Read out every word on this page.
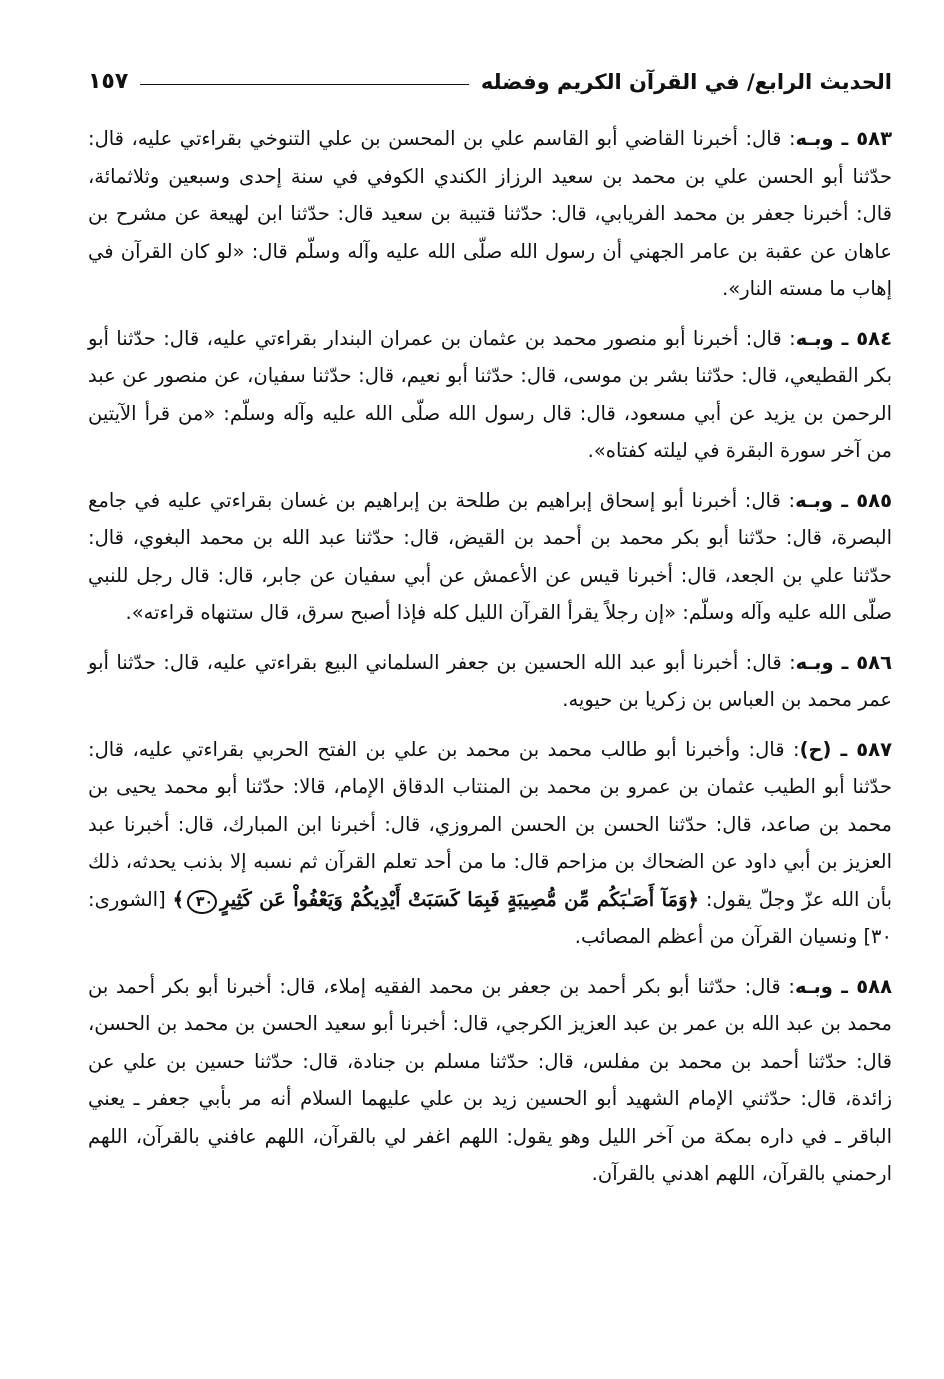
الحديث الرابع/ في القرآن الكريم وفضله
١٥٧
٥٨٣ ـ وبـه: قال: أخبرنا القاضي أبو القاسم علي بن المحسن بن علي التنوخي بقراءتي عليه، قال: حدّثنا أبو الحسن علي بن محمد بن سعيد الرزاز الكندي الكوفي في سنة إحدى وسبعين وثلاثمائة، قال: أخبرنا جعفر بن محمد الفريابي، قال: حدّثنا قتيبة بن سعيد قال: حدّثنا ابن لهيعة عن مشرح بن عاهان عن عقبة بن عامر الجهني أن رسول الله صلّى الله عليه وآله وسلّم قال: «لو كان القرآن في إهاب ما مسته النار».
٥٨٤ ـ وبـه: قال: أخبرنا أبو منصور محمد بن عثمان بن عمران البندار بقراءتي عليه، قال: حدّثنا أبو بكر القطيعي، قال: حدّثنا بشر بن موسى، قال: حدّثنا أبو نعيم، قال: حدّثنا سفيان، عن منصور عن عبد الرحمن بن يزيد عن أبي مسعود، قال: قال رسول الله صلّى الله عليه وآله وسلّم: «من قرأ الآيتين من آخر سورة البقرة في ليلته كفتاه».
٥٨٥ ـ وبـه: قال: أخبرنا أبو إسحاق إبراهيم بن طلحة بن إبراهيم بن غسان بقراءتي عليه في جامع البصرة، قال: حدّثنا أبو بكر محمد بن أحمد بن القيض، قال: حدّثنا عبد الله بن محمد البغوي، قال: حدّثنا علي بن الجعد، قال: أخبرنا قيس عن الأعمش عن أبي سفيان عن جابر، قال: قال رجل للنبي صلّى الله عليه وآله وسلّم: «إن رجلاً يقرأ القرآن الليل كله فإذا أصبح سرق، قال ستنهاه قراءته».
٥٨٦ ـ وبـه: قال: أخبرنا أبو عبد الله الحسين بن جعفر السلماني البيع بقراءتي عليه، قال: حدّثنا أبو عمر محمد بن العباس بن زكريا بن حيويه.
٥٨٧ ـ (ح): قال: وأخبرنا أبو طالب محمد بن محمد بن علي بن الفتح الحربي بقراءتي عليه، قال: حدّثنا أبو الطيب عثمان بن عمرو بن محمد بن المنتاب الدقاق الإمام، قالا: حدّثنا أبو محمد يحيى بن محمد بن صاعد، قال: حدّثنا الحسن بن الحسن المروزي، قال: أخبرنا ابن المبارك، قال: أخبرنا عبد العزيز بن أبي داود عن الضحاك بن مزاحم قال: ما من أحد تعلم القرآن ثم نسبه إلا بذنب يحدثه، ذلك بأن الله عزّ وجلّ يقول: ﴿وَمَآ أَصَـٰبَكُم مِّن مُّصِيبَةٍ فَبِمَا كَسَبَتْ أَيْدِيكُمْ وَيَعْفُواْ عَن كَثِيرٍ٣٠﴾ [الشورى: ٣٠] ونسيان القرآن من أعظم المصائب.
٥٨٨ ـ وبـه: قال: حدّثنا أبو بكر أحمد بن جعفر بن محمد الفقيه إملاء، قال: أخبرنا أبو بكر أحمد بن محمد بن عبد الله بن عمر بن عبد العزيز الكرجي، قال: أخبرنا أبو سعيد الحسن بن محمد بن الحسن، قال: حدّثنا أحمد بن محمد بن مفلس، قال: حدّثنا مسلم بن جنادة، قال: حدّثنا حسين بن علي عن زائدة، قال: حدّثني الإمام الشهيد أبو الحسين زيد بن علي عليهما السلام أنه مر بأبي جعفر ـ يعني الباقر ـ في داره بمكة من آخر الليل وهو يقول: اللهم اغفر لي بالقرآن، اللهم عافني بالقرآن، اللهم ارحمني بالقرآن، اللهم اهدني بالقرآن.
